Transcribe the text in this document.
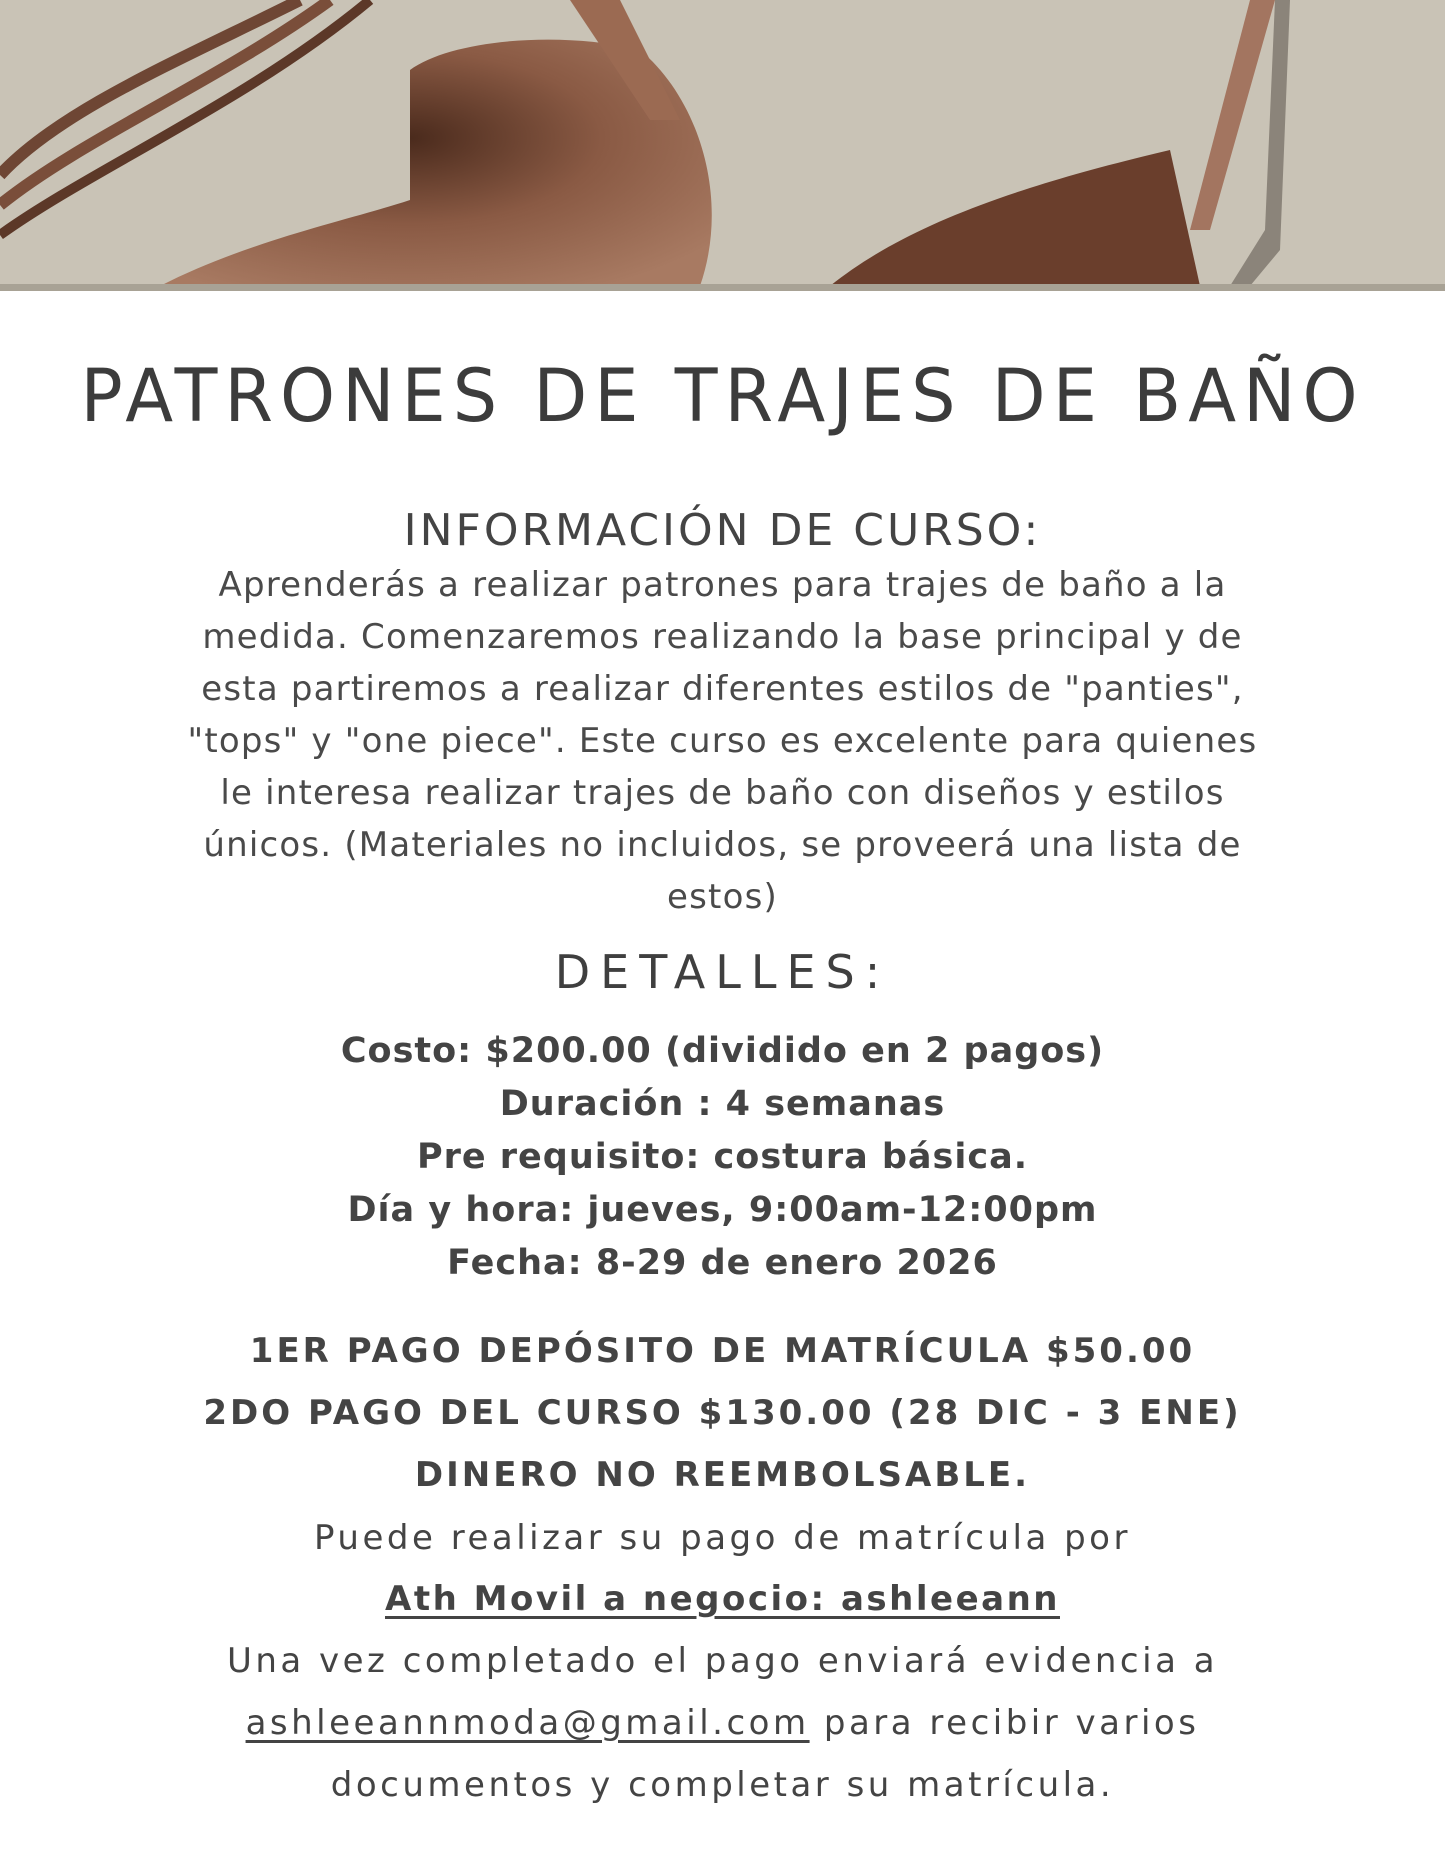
PATRONES DE TRAJES DE BAÑO
INFORMACIÓN DE CURSO:
Aprenderás a realizar patrones para trajes de baño a la
medida. Comenzaremos realizando la base principal y de
esta partiremos a realizar diferentes estilos de "panties",
"tops" y "one piece". Este curso es excelente para quienes
le interesa realizar trajes de baño con diseños y estilos
únicos. (Materiales no incluidos, se proveerá una lista de
estos)
DETALLES:
Costo: $200.00 (dividido en 2 pagos)
Duración : 4 semanas
Pre requisito: costura básica.
Día y hora: jueves, 9:00am-12:00pm
Fecha: 8-29 de enero 2026
1ER PAGO DEPÓSITO DE MATRÍCULA $50.00
2DO PAGO DEL CURSO $130.00 (28 DIC - 3 ENE)
DINERO NO REEMBOLSABLE.
Puede realizar su pago de matrícula por
Ath Movil a negocio: ashleeann
Una vez completado el pago enviará evidencia a
ashleeannmoda@gmail.com para recibir varios
documentos y completar su matrícula.
